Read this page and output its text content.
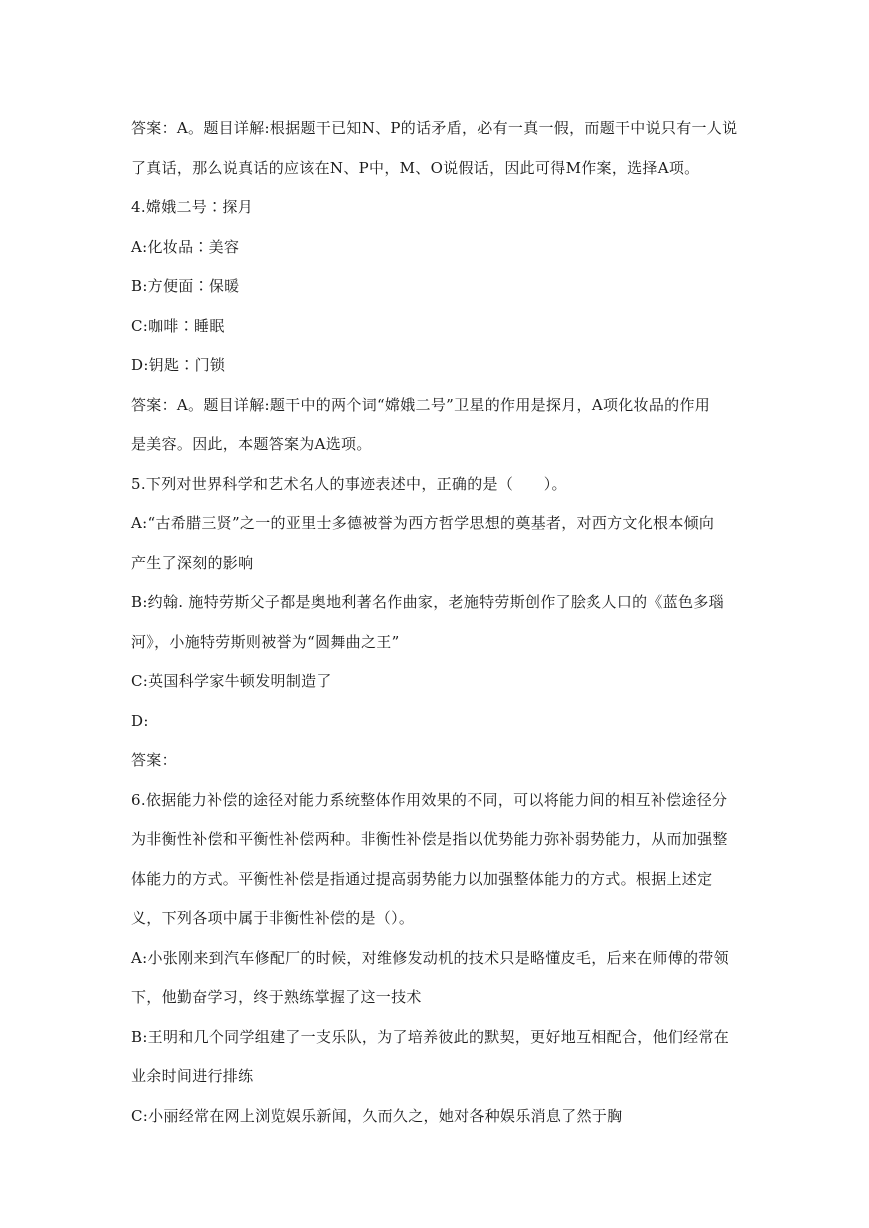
答案：A。题目详解:根据题干已知N、P的话矛盾，必有一真一假，而题干中说只有一人说
了真话，那么说真话的应该在N、P中，M、O说假话，因此可得M作案，选择A项。
4.嫦娥二号∶探月
A:化妆品∶美容
B:方便面∶保暖
C:咖啡∶睡眠
D:钥匙∶门锁
答案：A。题目详解:题干中的两个词“嫦娥二号”卫星的作用是探月，A项化妆品的作用
是美容。因此，本题答案为A选项。
5.下列对世界科学和艺术名人的事迹表述中，正确的是（　　）。
A:“古希腊三贤”之一的亚里士多德被誉为西方哲学思想的奠基者，对西方文化根本倾向
产生了深刻的影响
B:约翰. 施特劳斯父子都是奥地利著名作曲家，老施特劳斯创作了脍炙人口的《蓝色多瑙
河》，小施特劳斯则被誉为“圆舞曲之王”
C:英国科学家牛顿发明制造了
D:
答案：
6.依据能力补偿的途径对能力系统整体作用效果的不同，可以将能力间的相互补偿途径分
为非衡性补偿和平衡性补偿两种。非衡性补偿是指以优势能力弥补弱势能力，从而加强整
体能力的方式。平衡性补偿是指通过提高弱势能力以加强整体能力的方式。根据上述定
义，下列各项中属于非衡性补偿的是（）。
A:小张刚来到汽车修配厂的时候，对维修发动机的技术只是略懂皮毛，后来在师傅的带领
下，他勤奋学习，终于熟练掌握了这一技术
B:王明和几个同学组建了一支乐队，为了培养彼此的默契，更好地互相配合，他们经常在
业余时间进行排练
C:小丽经常在网上浏览娱乐新闻，久而久之，她对各种娱乐消息了然于胸
